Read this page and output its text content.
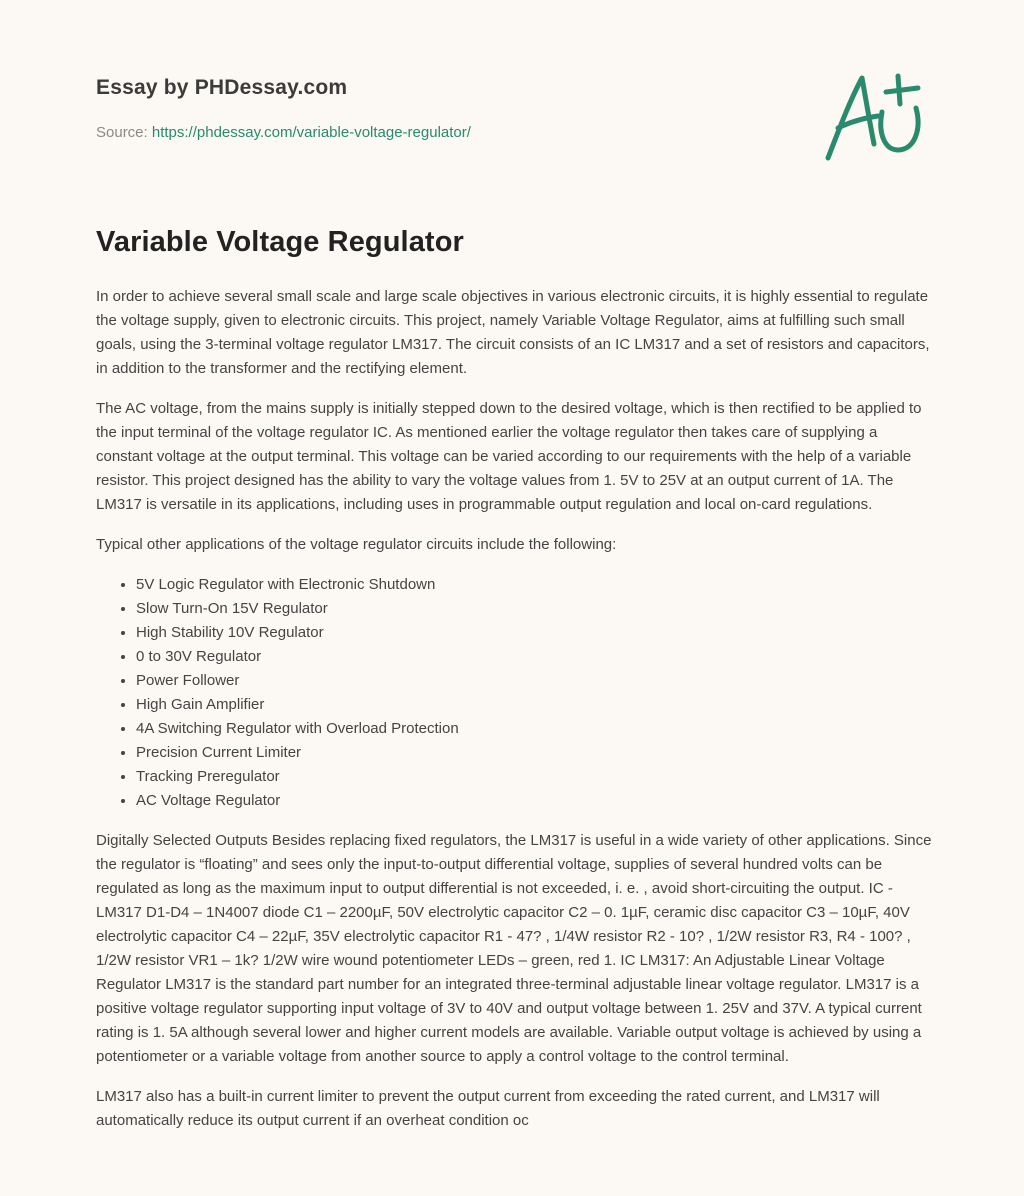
Essay by PHDessay.com
Source: https://phdessay.com/variable-voltage-regulator/
Variable Voltage Regulator

In order to achieve several small scale and large scale objectives in various electronic circuits, it is highly essential to regulate the voltage supply, given to electronic circuits. This project, namely Variable Voltage Regulator, aims at fulfilling such small goals, using the 3-terminal voltage regulator LM317. The circuit consists of an IC LM317 and a set of resistors and capacitors, in addition to the transformer and the rectifying element.

The AC voltage, from the mains supply is initially stepped down to the desired voltage, which is then rectified to be applied to the input terminal of the voltage regulator IC. As mentioned earlier the voltage regulator then takes care of supplying a constant voltage at the output terminal. This voltage can be varied according to our requirements with the help of a variable resistor. This project designed has the ability to vary the voltage values from 1. 5V to 25V at an output current of 1A. The LM317 is versatile in its applications, including uses in programmable output regulation and local on-card regulations.

Typical other applications of the voltage regulator circuits include the following:

• 5V Logic Regulator with Electronic Shutdown
• Slow Turn-On 15V Regulator
• High Stability 10V Regulator
• 0 to 30V Regulator
• Power Follower
• High Gain Amplifier
• 4A Switching Regulator with Overload Protection
• Precision Current Limiter
• Tracking Preregulator
• AC Voltage Regulator

Digitally Selected Outputs Besides replacing fixed regulators, the LM317 is useful in a wide variety of other applications. Since the regulator is “floating” and sees only the input-to-output differential voltage, supplies of several hundred volts can be regulated as long as the maximum input to output differential is not exceeded, i. e. , avoid short-circuiting the output. IC - LM317 D1-D4 – 1N4007 diode C1 – 2200µF, 50V electrolytic capacitor C2 – 0. 1µF, ceramic disc capacitor C3 – 10µF, 40V electrolytic capacitor C4 – 22µF, 35V electrolytic capacitor R1 - 47? , 1/4W resistor R2 - 10? , 1/2W resistor R3, R4 - 100? , 1/2W resistor VR1 – 1k? 1/2W wire wound potentiometer LEDs – green, red 1. IC LM317: An Adjustable Linear Voltage Regulator LM317 is the standard part number for an integrated three-terminal adjustable linear voltage regulator. LM317 is a positive voltage regulator supporting input voltage of 3V to 40V and output voltage between 1. 25V and 37V. A typical current rating is 1. 5A although several lower and higher current models are available. Variable output voltage is achieved by using a potentiometer or a variable voltage from another source to apply a control voltage to the control terminal.

LM317 also has a built-in current limiter to prevent the output current from exceeding the rated current, and LM317 will automatically reduce its output current if an overheat condition oc
